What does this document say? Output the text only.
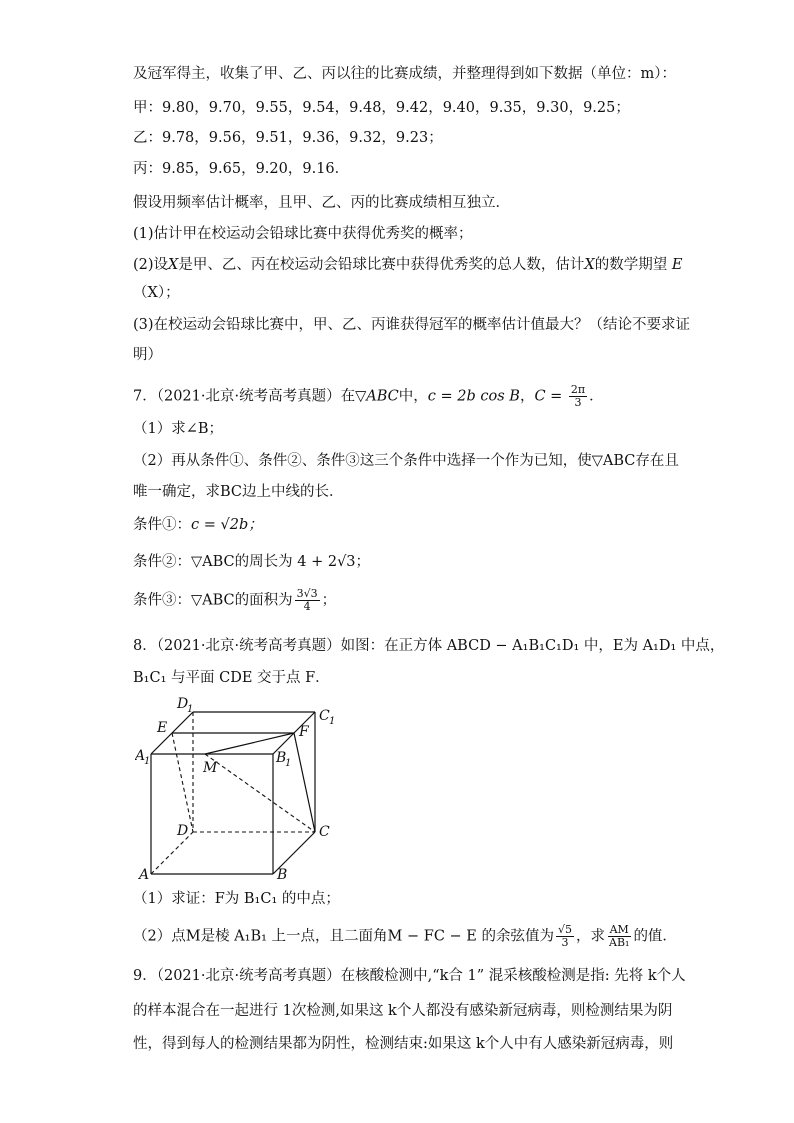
及冠军得主，收集了甲、乙、丙以往的比赛成绩，并整理得到如下数据（单位：m）：
甲：9.80，9.70，9.55，9.54，9.48，9.42，9.40，9.35，9.30，9.25；
乙：9.78，9.56，9.51，9.36，9.32，9.23；
丙：9.85，9.65，9.20，9.16．
假设用频率估计概率，且甲、乙、丙的比赛成绩相互独立．
(1)估计甲在校运动会铅球比赛中获得优秀奖的概率；
(2)设X是甲、乙、丙在校运动会铅球比赛中获得优秀奖的总人数，估计X的数学期望 E
（X）；
(3)在校运动会铅球比赛中，甲、乙、丙谁获得冠军的概率估计值最大？（结论不要求证
明）
7．（2021·北京·统考高考真题）在▽ABC中，c = 2b cos B，$C = \frac{2\pi}{3}$ ．
（1）求∠B；
（2）再从条件①、条件②、条件③这三个条件中选择一个作为已知，使▽ABC存在且
唯一确定，求BC边上中线的长．
条件①：c = √2b；
条件②：▽ABC的周长为 4 + 2√3；
条件③：▽ABC的面积为 $\frac{3√3}{4}$ ；
8．（2021·北京·统考高考真题）如图：在正方体 ABCD − A₁B₁C₁D₁ 中，E为 A₁D₁ 中点，
B₁C₁ 与平面 CDE 交于点 F．
D
1	C 1
E	F
A
1	M
B
1
D	C
A	B
（1）求证：F为 B₁C₁ 的中点；
（2）点M是棱 A₁B₁ 上一点，且二面角M − FC − E 的余弦值为 $\frac{√5}{3}$ ，求 $\frac{AM}{\text{AB₁}}$ 的值．
9．（2021·北京·统考高考真题）在核酸检测中,“k合 1” 混采核酸检测是指: 先将 k个人
的样本混合在一起进行 1次检测,如果这 k个人都没有感染新冠病毒，则检测结果为阴
性，得到每人的检测结果都为阴性，检测结束:如果这 k个人中有人感染新冠病毒，则
